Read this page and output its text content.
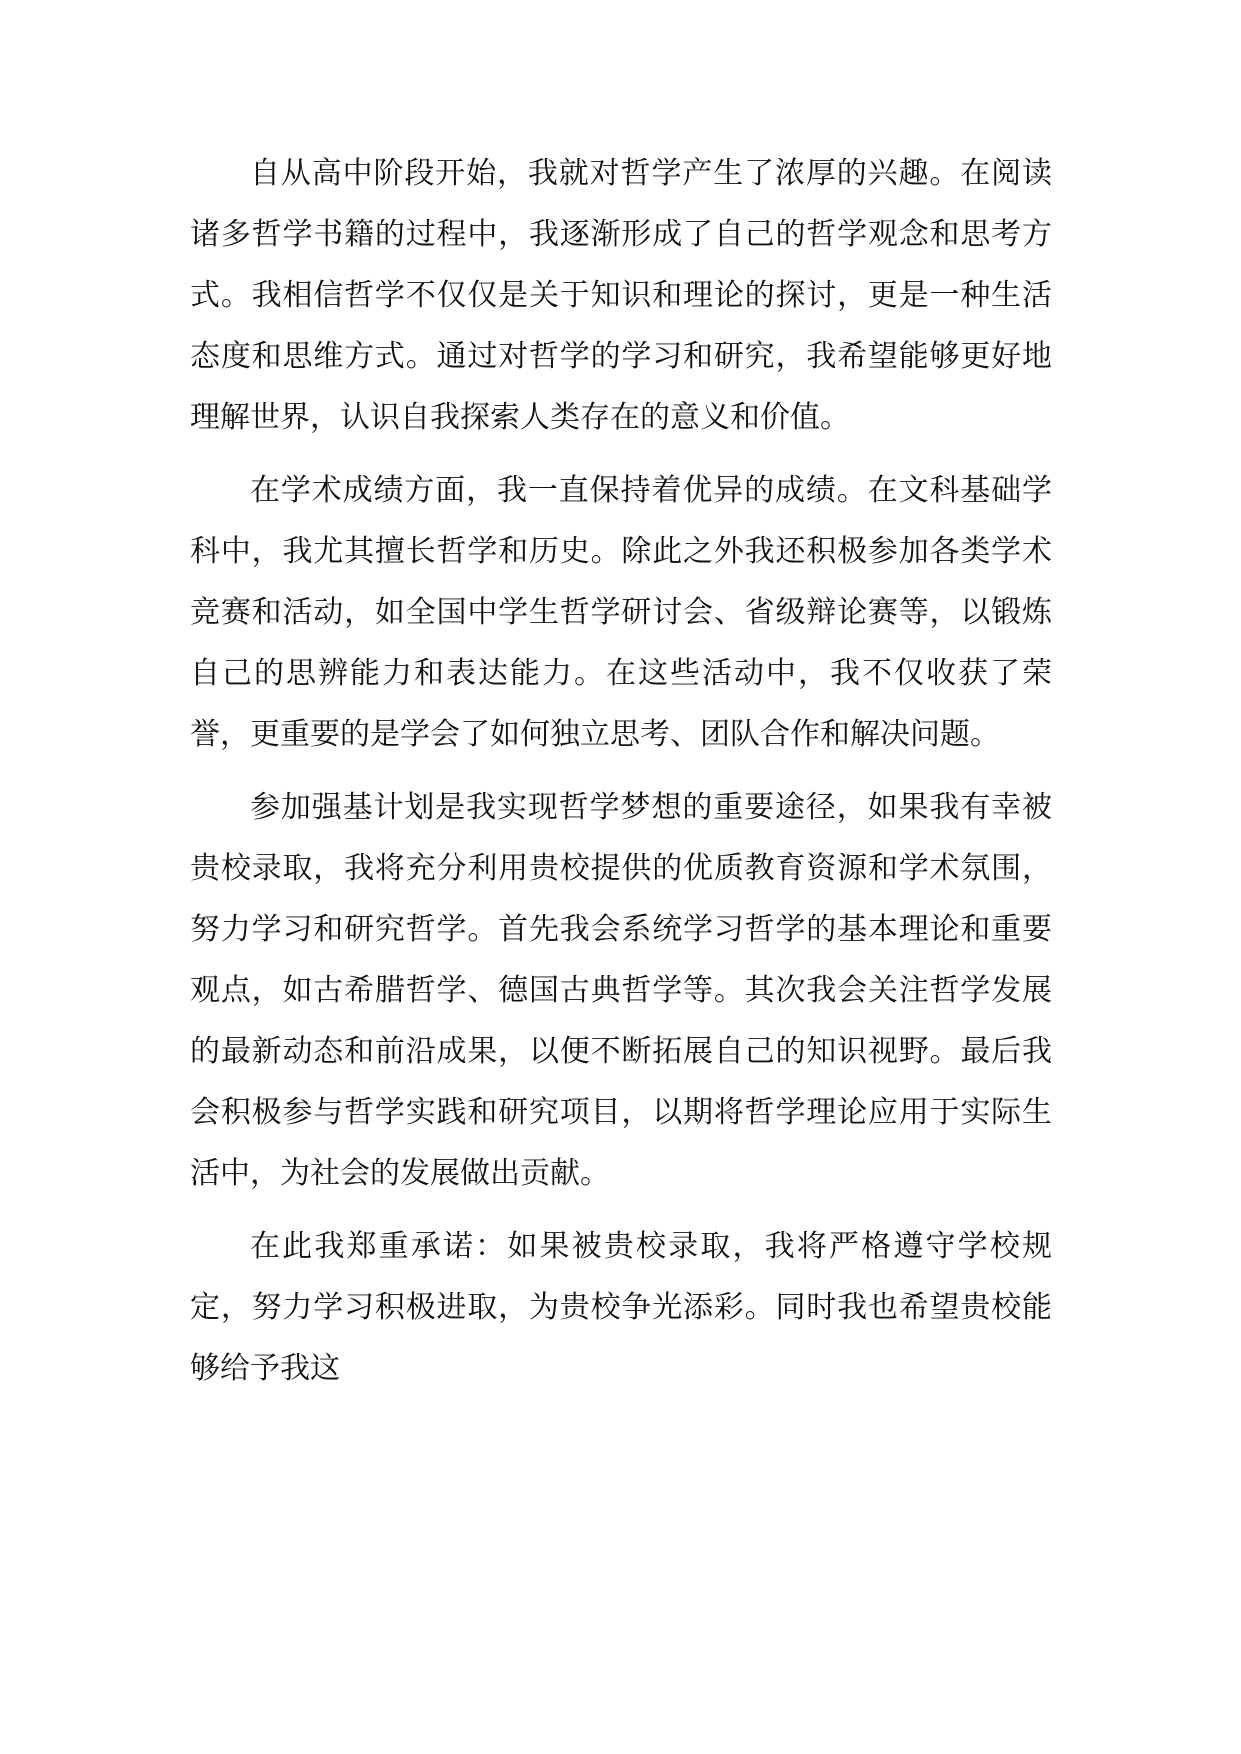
自从高中阶段开始，我就对哲学产生了浓厚的兴趣。在阅读诸多哲学书籍的过程中，我逐渐形成了自己的哲学观念和思考方式。我相信哲学不仅仅是关于知识和理论的探讨，更是一种生活态度和思维方式。通过对哲学的学习和研究，我希望能够更好地理解世界，认识自我探索人类存在的意义和价值。

在学术成绩方面，我一直保持着优异的成绩。在文科基础学科中，我尤其擅长哲学和历史。除此之外我还积极参加各类学术竞赛和活动，如全国中学生哲学研讨会、省级辩论赛等，以锻炼自己的思辨能力和表达能力。在这些活动中，我不仅收获了荣誉，更重要的是学会了如何独立思考、团队合作和解决问题。

参加强基计划是我实现哲学梦想的重要途径，如果我有幸被贵校录取，我将充分利用贵校提供的优质教育资源和学术氛围，努力学习和研究哲学。首先我会系统学习哲学的基本理论和重要观点，如古希腊哲学、德国古典哲学等。其次我会关注哲学发展的最新动态和前沿成果，以便不断拓展自己的知识视野。最后我会积极参与哲学实践和研究项目，以期将哲学理论应用于实际生活中，为社会的发展做出贡献。

在此我郑重承诺：如果被贵校录取，我将严格遵守学校规定，努力学习积极进取，为贵校争光添彩。同时我也希望贵校能够给予我这
